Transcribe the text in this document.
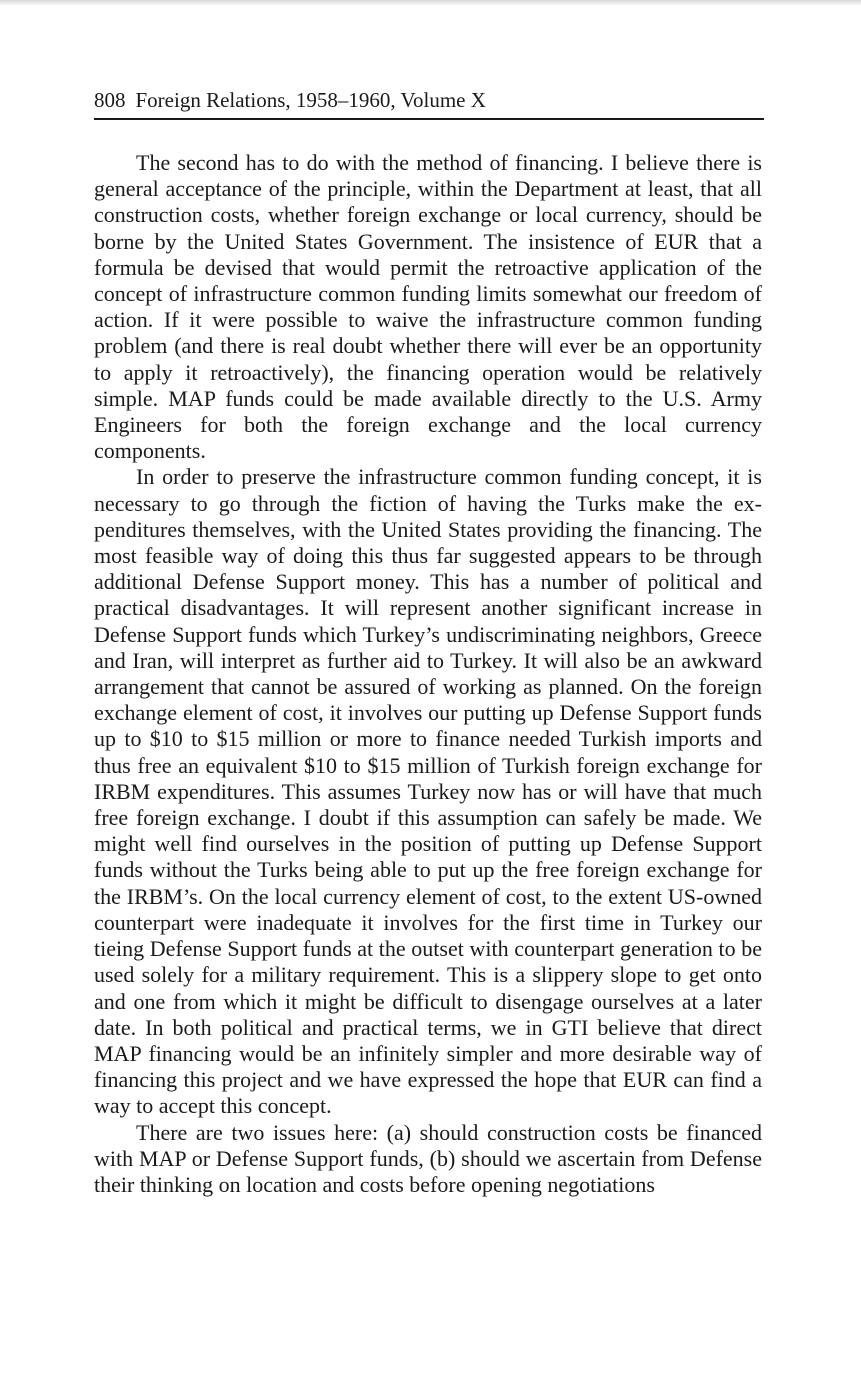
808 Foreign Relations, 1958–1960, Volume X

The second has to do with the method of financing. I believe there is general acceptance of the principle, within the Department at least, that all construction costs, whether foreign exchange or local currency, should be borne by the United States Government. The insistence of EUR that a formula be devised that would permit the retroactive application of the concept of infrastructure common funding limits somewhat our freedom of action. If it were possible to waive the infrastructure common funding problem (and there is real doubt whether there will ever be an opportunity to apply it retroactively), the financing operation would be relatively simple. MAP funds could be made available directly to the U.S. Army Engineers for both the foreign exchange and the local currency components.

In order to preserve the infrastructure common funding concept, it is necessary to go through the fiction of having the Turks make the expenditures themselves, with the United States providing the financing. The most feasible way of doing this thus far suggested appears to be through additional Defense Support money. This has a number of political and practical disadvantages. It will represent another significant increase in Defense Support funds which Turkey’s undiscriminating neighbors, Greece and Iran, will interpret as further aid to Turkey. It will also be an awkward arrangement that cannot be assured of working as planned. On the foreign exchange element of cost, it involves our putting up Defense Support funds up to $10 to $15 million or more to finance needed Turkish imports and thus free an equivalent $10 to $15 million of Turkish foreign exchange for IRBM expenditures. This assumes Turkey now has or will have that much free foreign exchange. I doubt if this assumption can safely be made. We might well find ourselves in the position of putting up Defense Support funds without the Turks being able to put up the free foreign exchange for the IRBM’s. On the local currency element of cost, to the extent US-owned counterpart were inadequate it involves for the first time in Turkey our tieing Defense Support funds at the outset with counterpart generation to be used solely for a military requirement. This is a slippery slope to get onto and one from which it might be difficult to disengage ourselves at a later date. In both political and practical terms, we in GTI believe that direct MAP financing would be an infinitely simpler and more desirable way of financing this project and we have expressed the hope that EUR can find a way to accept this concept.

There are two issues here: (a) should construction costs be financed with MAP or Defense Support funds, (b) should we ascertain from Defense their thinking on location and costs before opening negotiations
